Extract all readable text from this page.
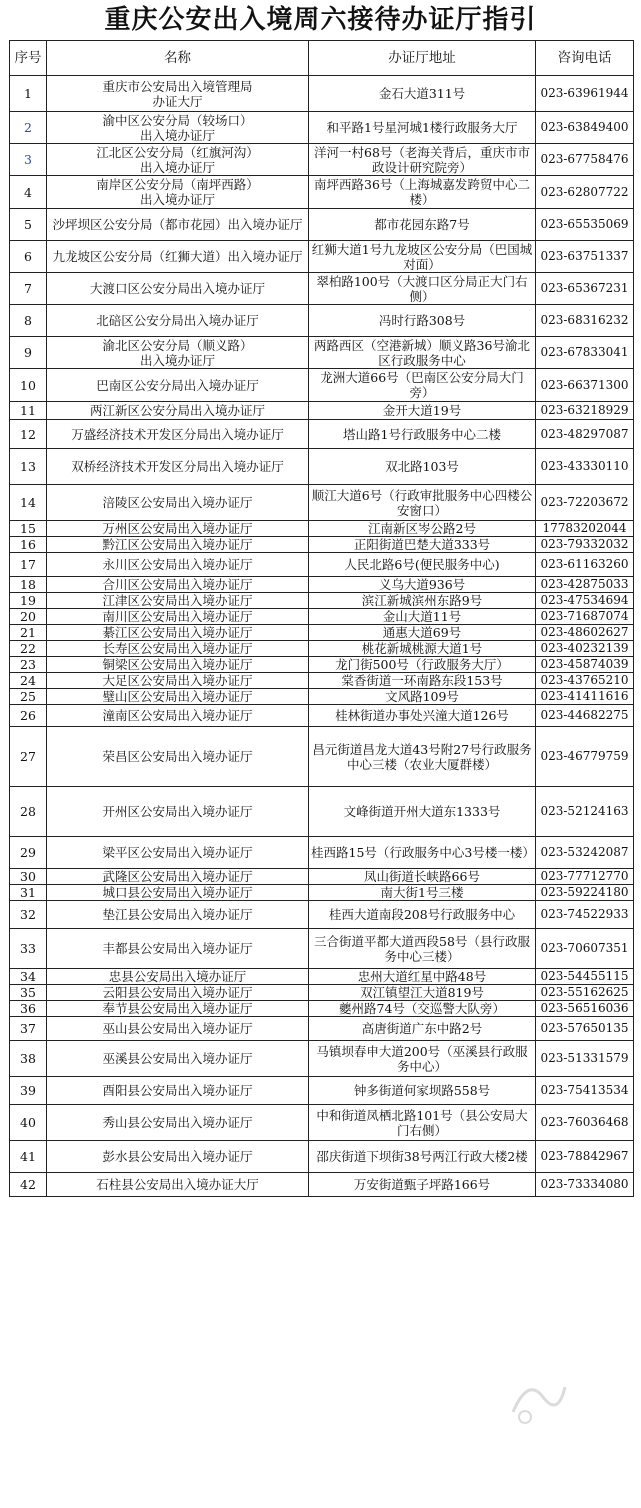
重庆公安出入境周六接待办证厅指引
序号	名称	办证厅地址	咨询电话
1	重庆市公安局出入境管理局
办证大厅	金石大道311号	023-63961944
2	渝中区公安分局（较场口）
出入境办证厅	和平路1号星河城1楼行政服务大厅	023-63849400
3	江北区公安分局（红旗河沟）
出入境办证厅	洋河一村68号（老海关背后，重庆市市政设计研究院旁）	023-67758476
4	南岸区公安分局（南坪西路）
出入境办证厅	南坪西路36号（上海城嘉发跨贸中心二楼）	023-62807722
5	沙坪坝区公安分局（都市花园）出入境办证厅	都市花园东路7号	023-65535069
6	九龙坡区公安分局（红狮大道）出入境办证厅	红狮大道1号九龙坡区公安分局（巴国城对面）	023-63751337
7	大渡口区公安分局出入境办证厅	翠柏路100号（大渡口区分局正大门右侧）	023-65367231
8	北碚区公安分局出入境办证厅	冯时行路308号	023-68316232
9	渝北区公安分局（顺义路）
出入境办证厅	两路西区（空港新城）顺义路36号渝北区行政服务中心	023-67833041
10	巴南区公安分局出入境办证厅	龙洲大道66号（巴南区公安分局大门旁）	023-66371300
11	两江新区公安分局出入境办证厅	金开大道19号	023-63218929
12	万盛经济技术开发区分局出入境办证厅	塔山路1号行政服务中心二楼	023-48297087
13	双桥经济技术开发区分局出入境办证厅	双北路103号	023-43330110
14	涪陵区公安局出入境办证厅	顺江大道6号（行政审批服务中心四楼公安窗口）	023-72203672
15	万州区公安局出入境办证厅	江南新区岑公路2号	17783202044
16	黔江区公安局出入境办证厅	正阳街道巴楚大道333号	023-79332032
17	永川区公安局出入境办证厅	人民北路6号(便民服务中心)	023-61163260
18	合川区公安局出入境办证厅	义乌大道936号	023-42875033
19	江津区公安局出入境办证厅	滨江新城滨州东路9号	023-47534694
20	南川区公安局出入境办证厅	金山大道11号	023-71687074
21	綦江区公安局出入境办证厅	通惠大道69号	023-48602627
22	长寿区公安局出入境办证厅	桃花新城桃源大道1号	023-40232139
23	铜梁区公安局出入境办证厅	龙门街500号（行政服务大厅）	023-45874039
24	大足区公安局出入境办证厅	棠香街道一环南路东段153号	023-43765210
25	璧山区公安局出入境办证厅	文风路109号	023-41411616
26	潼南区公安局出入境办证厅	桂林街道办事处兴潼大道126号	023-44682275
27	荣昌区公安局出入境办证厅	昌元街道昌龙大道43号附27号行政服务中心三楼（农业大厦群楼）	023-46779759
28	开州区公安局出入境办证厅	文峰街道开州大道东1333号	023-52124163
29	梁平区公安局出入境办证厅	桂西路15号（行政服务中心3号楼一楼）	023-53242087
30	武隆区公安局出入境办证厅	凤山街道长峡路66号	023-77712770
31	城口县公安局出入境办证厅	南大街1号三楼	023-59224180
32	垫江县公安局出入境办证厅	桂西大道南段208号行政服务中心	023-74522933
33	丰都县公安局出入境办证厅	三合街道平都大道西段58号（县行政服务中心三楼）	023-70607351
34	忠县公安局出入境办证厅	忠州大道红星中路48号	023-54455115
35	云阳县公安局出入境办证厅	双江镇望江大道819号	023-55162625
36	奉节县公安局出入境办证厅	夔州路74号（交巡警大队旁）	023-56516036
37	巫山县公安局出入境办证厅	高唐街道广东中路2号	023-57650135
38	巫溪县公安局出入境办证厅	马镇坝春申大道200号（巫溪县行政服务中心）	023-51331579
39	酉阳县公安局出入境办证厅	钟多街道何家坝路558号	023-75413534
40	秀山县公安局出入境办证厅	中和街道凤栖北路101号（县公安局大门右侧）	023-76036468
41	彭水县公安局出入境办证厅	邵庆街道下坝街38号两江行政大楼2楼	023-78842967
42	石柱县公安局出入境办证大厅	万安街道甄子坪路166号	023-73334080
